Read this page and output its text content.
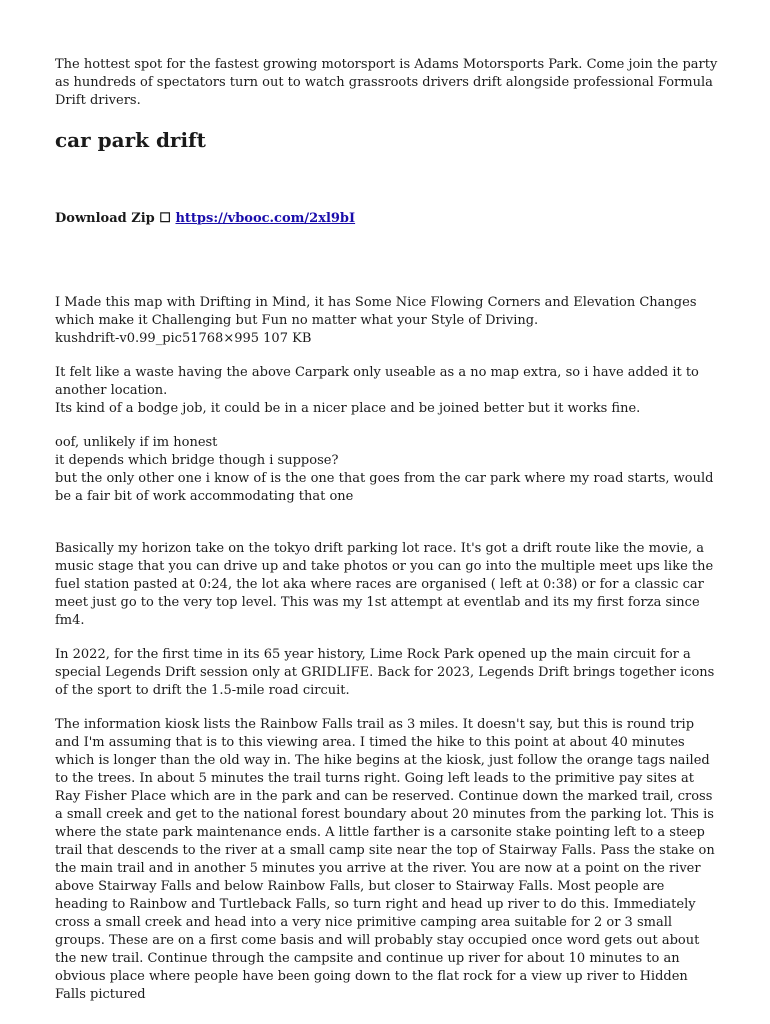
The hottest spot for the fastest growing motorsport is Adams Motorsports Park. Come join the party as hundreds of spectators turn out to watch grassroots drivers drift alongside professional Formula Drift drivers.

car park drift
Download Zip ☐ https://vbooc.com/2xl9bI

I Made this map with Drifting in Mind, it has Some Nice Flowing Corners and Elevation Changes which make it Challenging but Fun no matter what your Style of Driving.

kushdrift-v0.99_pic51768×995 107 KB

It felt like a waste having the above Carpark only useable as a no map extra, so i have added it to another location.

Its kind of a bodge job, it could be in a nicer place and be joined better but it works fine.

oof, unlikely if im honest

it depends which bridge though i suppose?

but the only other one i know of is the one that goes from the car park where my road starts, would be a fair bit of work accommodating that one

Basically my horizon take on the tokyo drift parking lot race. It's got a drift route like the movie, a music stage that you can drive up and take photos or you can go into the multiple meet ups like the fuel station pasted at 0:24, the lot aka where races are organised ( left at 0:38) or for a classic car meet just go to the very top level. This was my 1st attempt at eventlab and its my first forza since fm4.

In 2022, for the first time in its 65 year history, Lime Rock Park opened up the main circuit for a special Legends Drift session only at GRIDLIFE. Back for 2023, Legends Drift brings together icons of the sport to drift the 1.5-mile road circuit.

The information kiosk lists the Rainbow Falls trail as 3 miles. It doesn't say, but this is round trip and I'm assuming that is to this viewing area. I timed the hike to this point at about 40 minutes which is longer than the old way in. The hike begins at the kiosk, just follow the orange tags nailed to the trees. In about 5 minutes the trail turns right. Going left leads to the primitive pay sites at Ray Fisher Place which are in the park and can be reserved. Continue down the marked trail, cross a small creek and get to the national forest boundary about 20 minutes from the parking lot. This is where the state park maintenance ends. A little farther is a carsonite stake pointing left to a steep trail that descends to the river at a small camp site near the top of Stairway Falls. Pass the stake on the main trail and in another 5 minutes you arrive at the river. You are now at a point on the river above Stairway Falls and below Rainbow Falls, but closer to Stairway Falls. Most people are heading to Rainbow and Turtleback Falls, so turn right and head up river to do this. Immediately cross a small creek and head into a very nice primitive camping area suitable for 2 or 3 small groups. These are on a first come basis and will probably stay occupied once word gets out about the new trail. Continue through the campsite and continue up river for about 10 minutes to an obvious place where people have been going down to the flat rock for a view up river to Hidden Falls pictured
